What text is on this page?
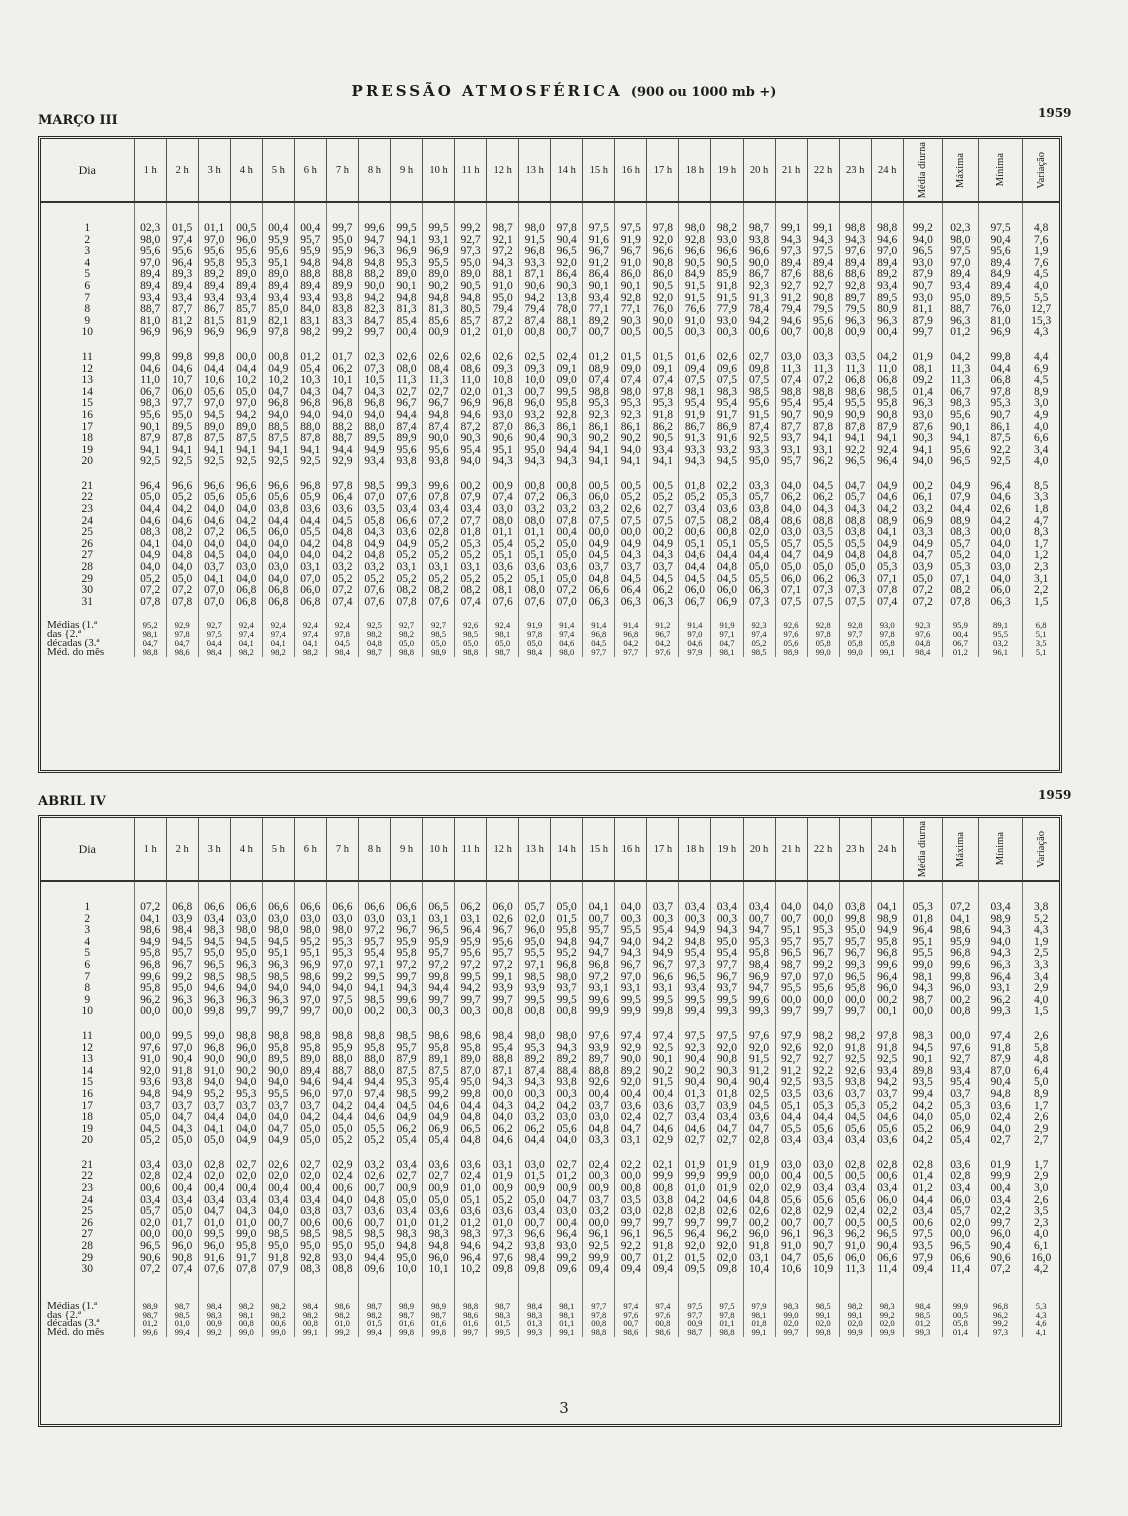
PRESSÃO ATMOSFÉRICA (900 ou 1000 mb +)
MARÇO III	1959
Dia	1 h	2 h	3 h	4 h	5 h	6 h	7 h	8 h	9 h	10 h	11 h	12 h	13 h	14 h	15 h	16 h	17 h	18 h	19 h	20 h	21 h	22 h	23 h	24 h	Média diurna	Máxima	Mínima	Variação

1	02,3	01,5	01,1	00,5	00,4	00,4	99,7	99,6	99,5	99,5	99,2	98,7	98,0	97,8	97,5	97,5	97,8	98,0	98,2	98,7	99,1	99,1	98,8	98,8	99,2	02,3	97,5	4,8
2	98,0	97,4	97,0	96,0	95,9	95,7	95,0	94,7	94,1	93,1	92,7	92,1	91,5	90,4	91,6	91,9	92,0	92,8	93,0	93,8	94,3	94,3	94,3	94,6	94,0	98,0	90,4	7,6
3	95,6	95,6	95,6	95,6	95,6	95,9	95,9	96,3	96,9	96,9	97,3	97,2	96,8	96,5	96,7	96,7	96,6	96,6	96,6	96,6	97,3	97,5	97,6	97,0	96,5	97,5	95,6	1,9
4	97,0	96,4	95,8	95,3	95,1	94,8	94,8	94,8	95,3	95,5	95,0	94,3	93,3	92,0	91,2	91,0	90,8	90,5	90,5	90,0	89,4	89,4	89,4	89,4	93,0	97,0	89,4	7,6
5	89,4	89,3	89,2	89,0	89,0	88,8	88,8	88,2	89,0	89,0	89,0	88,1	87,1	86,4	86,4	86,0	86,0	84,9	85,9	86,7	87,6	88,6	88,6	89,2	87,9	89,4	84,9	4,5
6	89,4	89,4	89,4	89,4	89,4	89,4	89,9	90,0	90,1	90,2	90,5	91,0	90,6	90,3	90,1	90,1	90,5	91,5	91,8	92,3	92,7	92,7	92,8	93,4	90,7	93,4	89,4	4,0
7	93,4	93,4	93,4	93,4	93,4	93,4	93,8	94,2	94,8	94,8	94,8	95,0	94,2	13,8	93,4	92,8	92,0	91,5	91,5	91,3	91,2	90,8	89,7	89,5	93,0	95,0	89,5	5,5
8	88,7	87,7	86,7	85,7	85,0	84,0	83,8	82,3	81,3	81,3	80,5	79,4	79,4	78,0	77,1	77,1	76,0	76,6	77,9	78,4	79,4	79,5	79,5	80,9	81,1	88,7	76,0	12,7
9	81,0	81,2	81,5	81,9	82,1	83,1	83,3	84,7	85,4	85,6	85,7	87,2	87,4	88,1	89,2	90,3	90,0	91,0	93,0	94,2	94,6	95,6	96,3	96,3	87,9	96,3	81,0	15,3
10	96,9	96,9	96,9	96,9	97,8	98,2	99,2	99,7	00,4	00,9	01,2	01,0	00,8	00,7	00,7	00,5	00,5	00,3	00,3	00,6	00,7	00,8	00,9	00,4	99,7	01,2	96,9	4,3

11	99,8	99,8	99,8	00,0	00,8	01,2	01,7	02,3	02,6	02,6	02,6	02,6	02,5	02,4	01,2	01,5	01,5	01,6	02,6	02,7	03,0	03,3	03,5	04,2	01,9	04,2	99,8	4,4
12	04,6	04,6	04,4	04,4	04,9	05,4	06,2	07,3	08,0	08,4	08,6	09,3	09,3	09,1	08,9	09,0	09,1	09,4	09,6	09,8	11,3	11,3	11,3	11,0	08,1	11,3	04,4	6,9
13	11,0	10,7	10,6	10,2	10,2	10,3	10,1	10,5	11,3	11,3	11,0	10,8	10,0	09,0	07,4	07,4	07,4	07,5	07,5	07,5	07,4	07,2	06,8	06,8	09,2	11,3	06,8	4,5
14	06,7	06,0	05,6	05,0	04,7	04,3	04,7	04,3	02,7	02,7	02,0	01,3	00,7	99,5	98,8	98,0	97,8	98,1	98,3	98,5	98,8	98,8	98,6	98,5	01,4	06,7	97,8	8,9
15	98,3	97,7	97,0	97,0	96,8	96,8	96,8	96,8	96,7	96,7	96,9	96,8	96,0	95,8	95,3	95,3	95,3	95,4	95,4	95,6	95,4	95,4	95,5	95,8	96,3	98,3	95,3	3,0
16	95,6	95,0	94,5	94,2	94,0	94,0	94,0	94,0	94,4	94,8	94,6	93,0	93,2	92,8	92,3	92,3	91,8	91,9	91,7	91,5	90,7	90,9	90,9	90,8	93,0	95,6	90,7	4,9
17	90,1	89,5	89,0	89,0	88,5	88,0	88,2	88,0	87,4	87,4	87,2	87,0	86,3	86,1	86,1	86,1	86,2	86,7	86,9	87,4	87,7	87,8	87,8	87,9	87,6	90,1	86,1	4,0
18	87,9	87,8	87,5	87,5	87,5	87,8	88,7	89,5	89,9	90,0	90,3	90,6	90,4	90,3	90,2	90,2	90,5	91,3	91,6	92,5	93,7	94,1	94,1	94,1	90,3	94,1	87,5	6,6
19	94,1	94,1	94,1	94,1	94,1	94,1	94,4	94,9	95,6	95,6	95,4	95,1	95,0	94,4	94,1	94,0	93,4	93,3	93,2	93,3	93,1	93,1	92,2	92,4	94,1	95,6	92,2	3,4
20	92,5	92,5	92,5	92,5	92,5	92,5	92,9	93,4	93,8	93,8	94,0	94,3	94,3	94,3	94,1	94,1	94,1	94,3	94,5	95,0	95,7	96,2	96,5	96,4	94,0	96,5	92,5	4,0

21	96,4	96,6	96,6	96,6	96,6	96,8	97,8	98,5	99,3	99,6	00,2	00,9	00,8	00,8	00,5	00,5	00,5	01,8	02,2	03,3	04,0	04,5	04,7	04,9	00,2	04,9	96,4	8,5
22	05,0	05,2	05,6	05,6	05,6	05,9	06,4	07,0	07,6	07,8	07,9	07,4	07,2	06,3	06,0	05,2	05,2	05,2	05,3	05,7	06,2	06,2	05,7	04,6	06,1	07,9	04,6	3,3
23	04,4	04,2	04,0	04,0	03,8	03,6	03,6	03,5	03,4	03,4	03,4	03,0	03,2	03,2	03,2	02,6	02,7	03,4	03,6	03,8	04,0	04,3	04,3	04,2	03,2	04,4	02,6	1,8
24	04,6	04,6	04,6	04,2	04,4	04,4	04,5	05,8	06,6	07,2	07,7	08,0	08,0	07,8	07,5	07,5	07,5	07,5	08,2	08,4	08,6	08,8	08,8	08,9	06,9	08,9	04,2	4,7
25	08,3	08,2	07,2	06,5	06,0	05,5	04,8	04,3	03,6	02,8	01,8	01,1	01,1	00,4	00,0	00,0	00,2	00,6	00,8	02,0	03,0	03,5	03,8	04,1	03,3	08,3	00,0	8,3
26	04,1	04,0	04,0	04,0	04,0	04,2	04,8	04,9	04,9	05,2	05,3	05,4	05,2	05,0	04,9	04,9	04,9	05,1	05,1	05,5	05,7	05,5	05,5	04,9	04,9	05,7	04,0	1,7
27	04,9	04,8	04,5	04,0	04,0	04,0	04,2	04,8	05,2	05,2	05,2	05,1	05,1	05,0	04,5	04,3	04,3	04,6	04,4	04,4	04,7	04,9	04,8	04,8	04,7	05,2	04,0	1,2
28	04,0	04,0	03,7	03,0	03,0	03,1	03,2	03,2	03,1	03,1	03,1	03,6	03,6	03,6	03,7	03,7	03,7	04,4	04,8	05,0	05,0	05,0	05,0	05,3	03,9	05,3	03,0	2,3
29	05,2	05,0	04,1	04,0	04,0	07,0	05,2	05,2	05,2	05,2	05,2	05,2	05,1	05,0	04,8	04,5	04,5	04,5	04,5	05,5	06,0	06,2	06,3	07,1	05,0	07,1	04,0	3,1
30	07,2	07,2	07,0	06,8	06,8	06,0	07,2	07,6	08,2	08,2	08,2	08,1	08,0	07,2	06,6	06,4	06,2	06,0	06,0	06,3	07,1	07,3	07,3	07,8	07,2	08,2	06,0	2,2
31	07,8	07,8	07,0	06,8	06,8	06,8	07,4	07,6	07,8	07,6	07,4	07,6	07,6	07,0	06,3	06,3	06,3	06,7	06,9	07,3	07,5	07,5	07,5	07,4	07,2	07,8	06,3	1,5

Médias (1.ª	95,2	92,9	92,7	92,4	92,4	92,4	92,4	92,5	92,7	92,7	92,6	92,4	91,9	91,4	91,4	91,4	91,2	91,4	91,9	92,3	92,6	92,8	92,8	93,0	92,3	95,9	89,1	6,8
das {2.ª	98,1	97,8	97,5	97,4	97,4	97,4	97,8	98,2	98,2	98,5	98,5	98,1	97,8	97,4	96,8	96,8	96,7	97,0	97,1	97,4	97,6	97,8	97,7	97,8	97,6	00,4	95,5	5,1
décadas (3.ª	04,7	04,7	04,4	04,1	04,1	04,1	04,5	04,8	05,0	05,0	05,0	05,0	05,0	04,6	04,5	04,2	04,2	04,6	04,7	05,2	05,6	05,8	05,8	05,8	04,8	06,7	03,2	3,5
Méd. do mês	98,8	98,6	98,4	98,2	98,2	98,2	98,4	98,7	98,8	98,9	98,8	98,7	98,4	98,0	97,7	97,7	97,6	97,9	98,1	98,5	98,9	99,0	99,0	99,1	98,4	01,2	96,1	5,1
ABRIL IV	1959
Dia	1 h	2 h	3 h	4 h	5 h	6 h	7 h	8 h	9 h	10 h	11 h	12 h	13 h	14 h	15 h	16 h	17 h	18 h	19 h	20 h	21 h	22 h	23 h	24 h	Média diurna	Máxima	Mínima	Variação

1	07,2	06,8	06,6	06,6	06,6	06,6	06,6	06,6	06,6	06,5	06,2	06,0	05,7	05,0	04,1	04,0	03,7	03,4	03,4	03,4	04,0	04,0	03,8	04,1	05,3	07,2	03,4	3,8
2	04,1	03,9	03,4	03,0	03,0	03,0	03,0	03,0	03,1	03,1	03,1	02,6	02,0	01,5	00,7	00,3	00,3	00,3	00,3	00,7	00,7	00,0	99,8	98,9	01,8	04,1	98,9	5,2
3	98,6	98,4	98,3	98,0	98,0	98,0	98,0	97,2	96,7	96,5	96,4	96,7	96,0	95,8	95,7	95,5	95,4	94,9	94,3	94,7	95,1	95,3	95,0	94,9	96,4	98,6	94,3	4,3
4	94,9	94,5	94,5	94,5	94,5	95,2	95,3	95,7	95,9	95,9	95,9	95,6	95,0	94,8	94,7	94,0	94,2	94,8	95,0	95,3	95,7	95,7	95,7	95,8	95,1	95,9	94,0	1,9
5	95,8	95,7	95,0	95,0	95,1	95,1	95,3	95,4	95,8	95,7	95,6	95,7	95,5	95,2	94,7	94,3	94,9	95,4	95,4	95,8	96,5	96,7	96,7	96,8	95,5	96,8	94,3	2,5
6	96,8	96,7	96,5	96,3	96,3	96,9	97,0	97,1	97,2	97,2	97,2	97,2	97,1	96,8	96,8	96,7	96,7	97,3	97,7	98,4	98,7	99,2	99,3	99,6	99,0	99,6	96,3	3,3
7	99,6	99,2	98,5	98,5	98,5	98,6	99,2	99,5	99,7	99,8	99,5	99,1	98,5	98,0	97,2	97,0	96,6	96,5	96,7	96,9	97,0	97,0	96,5	96,4	98,1	99,8	96,4	3,4
8	95,8	95,0	94,6	94,0	94,0	94,0	94,0	94,1	94,3	94,4	94,2	93,9	93,9	93,7	93,1	93,1	93,1	93,4	93,7	94,7	95,5	95,6	95,8	96,0	94,3	96,0	93,1	2,9
9	96,2	96,3	96,3	96,3	96,3	97,0	97,5	98,5	99,6	99,7	99,7	99,7	99,5	99,5	99,6	99,5	99,5	99,5	99,5	99,6	00,0	00,0	00,0	00,2	98,7	00,2	96,2	4,0
10	00,0	00,0	99,8	99,7	99,7	99,7	00,0	00,2	00,3	00,3	00,3	00,8	00,8	00,8	99,9	99,9	99,8	99,4	99,3	99,3	99,7	99,7	99,7	00,1	00,0	00,8	99,3	1,5

11	00,0	99,5	99,0	98,8	98,8	98,8	98,8	98,8	98,5	98,6	98,6	98,4	98,0	98,0	97,6	97,4	97,4	97,5	97,5	97,6	97,9	98,2	98,2	97,8	98,3	00,0	97,4	2,6
12	97,6	97,0	96,8	96,0	95,8	95,8	95,9	95,8	95,7	95,8	95,8	95,4	95,3	94,3	93,9	92,9	92,5	92,3	92,0	92,0	92,6	92,0	91,8	91,8	94,5	97,6	91,8	5,8
13	91,0	90,4	90,0	90,0	89,5	89,0	88,0	88,0	87,9	89,1	89,0	88,8	89,2	89,2	89,7	90,0	90,1	90,4	90,8	91,5	92,7	92,7	92,5	92,5	90,1	92,7	87,9	4,8
14	92,0	91,8	91,0	90,2	90,0	89,4	88,7	88,0	87,5	87,5	87,0	87,1	87,4	88,4	88,8	89,2	90,2	90,2	90,3	91,2	91,2	92,2	92,6	93,4	89,8	93,4	87,0	6,4
15	93,6	93,8	94,0	94,0	94,0	94,6	94,4	94,4	95,3	95,4	95,0	94,3	94,3	93,8	92,6	92,0	91,5	90,4	90,4	90,4	92,5	93,5	93,8	94,2	93,5	95,4	90,4	5,0
16	94,8	94,9	95,2	95,3	95,5	96,0	97,0	97,4	98,5	99,2	99,8	00,0	00,3	00,3	00,4	00,4	00,4	01,3	01,8	02,5	03,5	03,6	03,7	03,7	99,4	03,7	94,8	8,9
17	03,7	03,7	03,7	03,7	03,7	03,7	04,2	04,4	04,5	04,6	04,4	04,3	04,2	04,2	03,7	03,6	03,6	03,7	03,9	04,5	05,1	05,3	05,3	05,2	04,2	05,3	03,6	1,7
18	05,0	04,7	04,4	04,0	04,0	04,2	04,4	04,6	04,9	04,9	04,8	04,0	03,2	03,0	03,0	02,4	02,7	03,4	03,4	03,6	04,4	04,4	04,5	04,6	04,0	05,0	02,4	2,6
19	04,5	04,3	04,1	04,0	04,7	05,0	05,0	05,5	06,2	06,9	06,5	06,2	06,2	05,6	04,8	04,7	04,6	04,6	04,7	04,7	05,5	05,6	05,6	05,6	05,2	06,9	04,0	2,9
20	05,2	05,0	05,0	04,9	04,9	05,0	05,2	05,2	05,4	05,4	04,8	04,6	04,4	04,0	03,3	03,1	02,9	02,7	02,7	02,8	03,4	03,4	03,4	03,6	04,2	05,4	02,7	2,7

21	03,4	03,0	02,8	02,7	02,6	02,7	02,9	03,2	03,4	03,6	03,6	03,1	03,0	02,7	02,4	02,2	02,1	01,9	01,9	01,9	03,0	03,0	02,8	02,8	02,8	03,6	01,9	1,7
22	02,8	02,4	02,0	02,0	02,0	02,0	02,4	02,6	02,7	02,7	02,4	01,9	01,5	01,2	00,3	00,0	99,9	99,9	99,9	00,0	00,4	00,5	00,5	00,6	01,4	02,8	99,9	2,9
23	00,6	00,4	00,4	00,4	00,4	00,4	00,6	00,7	00,9	00,9	01,0	00,9	00,9	00,9	00,9	00,8	00,8	01,0	01,9	02,0	02,9	03,4	03,4	03,4	01,2	03,4	00,4	3,0
24	03,4	03,4	03,4	03,4	03,4	03,4	04,0	04,8	05,0	05,0	05,1	05,2	05,0	04,7	03,7	03,5	03,8	04,2	04,6	04,8	05,6	05,6	05,6	06,0	04,4	06,0	03,4	2,6
25	05,7	05,0	04,7	04,3	04,0	03,8	03,7	03,6	03,4	03,6	03,6	03,6	03,4	03,0	03,2	03,0	02,8	02,8	02,6	02,6	02,8	02,9	02,4	02,2	03,4	05,7	02,2	3,5
26	02,0	01,7	01,0	01,0	00,7	00,6	00,6	00,7	01,0	01,2	01,2	01,0	00,7	00,4	00,0	99,7	99,7	99,7	99,7	00,2	00,7	00,7	00,5	00,5	00,6	02,0	99,7	2,3
27	00,0	00,0	99,5	99,0	98,5	98,5	98,5	98,5	98,3	98,3	98,3	97,3	96,6	96,4	96,1	96,1	96,5	96,4	96,2	96,0	96,1	96,3	96,2	96,5	97,5	00,0	96,0	4,0
28	96,5	96,0	96,0	95,8	95,0	95,0	95,0	95,0	94,8	94,8	94,6	94,2	93,8	93,0	92,5	92,2	91,8	92,0	92,0	91,8	91,0	90,7	91,0	90,4	93,5	96,5	90,4	6,1
29	90,6	90,8	91,6	91,7	91,8	92,8	93,0	94,4	95,0	96,0	96,4	97,6	98,4	99,2	99,9	00,7	01,2	01,5	02,0	03,1	04,7	05,6	06,0	06,6	97,9	06,6	90,6	16,0
30	07,2	07,4	07,6	07,8	07,9	08,3	08,8	09,6	10,0	10,1	10,2	09,8	09,8	09,6	09,4	09,4	09,4	09,5	09,8	10,4	10,6	10,9	11,3	11,4	09,4	11,4	07,2	4,2

Médias (1.ª	98,9	98,7	98,4	98,2	98,2	98,4	98,6	98,7	98,9	98,9	98,8	98,7	98,4	98,1	97,7	97,4	97,4	97,5	97,5	97,9	98,3	98,5	98,2	98,3	98,4	99,9	96,8	5,3
das {2.ª	98,7	98,5	98,3	98,1	98,2	98,2	98,2	98,2	98,7	98,7	98,6	98,3	98,3	98,1	97,8	97,6	97,6	97,7	97,8	98,1	99,0	99,1	99,1	99,2	98,5	00,5	96,2	4,3
décadas (3.ª	01,2	01,0	00,9	00,8	00,6	00,8	01,0	01,5	01,6	01,6	01,6	01,5	01,3	01,1	00,8	00,7	00,8	00,9	01,1	01,8	02,0	02,0	02,0	02,0	01,2	05,8	99,2	4,6
Méd. do mês	99,6	99,4	99,2	99,0	99,0	99,1	99,2	99,4	99,8	99,8	99,7	99,5	99,3	99,1	98,8	98,6	98,6	98,7	98,8	99,1	99,7	99,8	99,9	99,9	99,3	01,4	97,3	4,1
3
